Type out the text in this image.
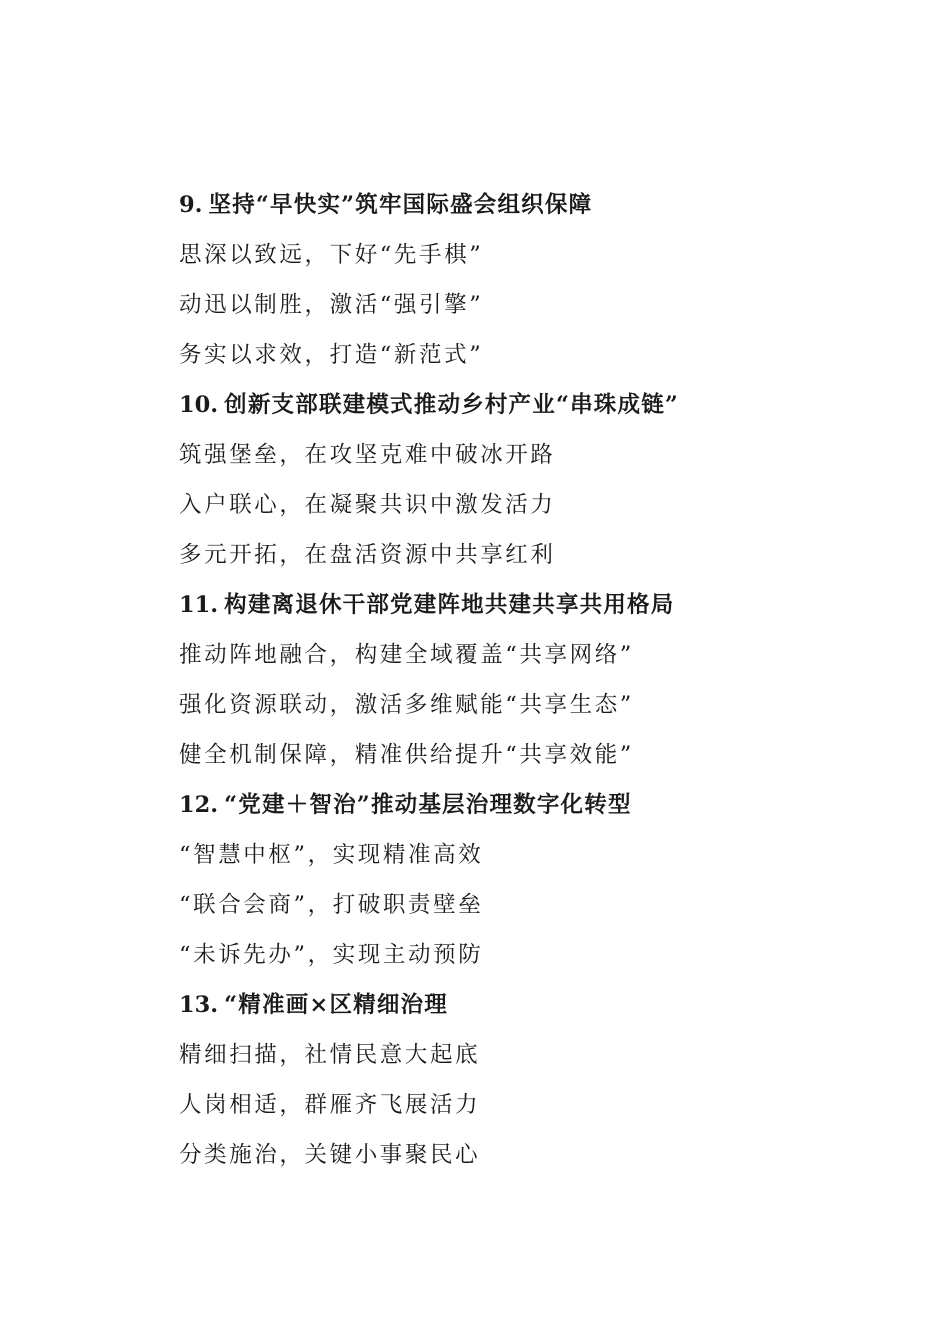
9. 坚持“早快实”筑牢国际盛会组织保障
思深以致远，下好“先手棋”
动迅以制胜，激活“强引擎”
务实以求效，打造“新范式”
10. 创新支部联建模式推动乡村产业“串珠成链”
筑强堡垒，在攻坚克难中破冰开路
入户联心，在凝聚共识中激发活力
多元开拓，在盘活资源中共享红利
11. 构建离退休干部党建阵地共建共享共用格局
推动阵地融合，构建全域覆盖“共享网络”
强化资源联动，激活多维赋能“共享生态”
健全机制保障，精准供给提升“共享效能”
12. “党建＋智治”推动基层治理数字化转型
“智慧中枢”，实现精准高效
“联合会商”，打破职责壁垒
“未诉先办”，实现主动预防
13. “精准画×区精细治理
精细扫描，社情民意大起底
人岗相适，群雁齐飞展活力
分类施治，关键小事聚民心
